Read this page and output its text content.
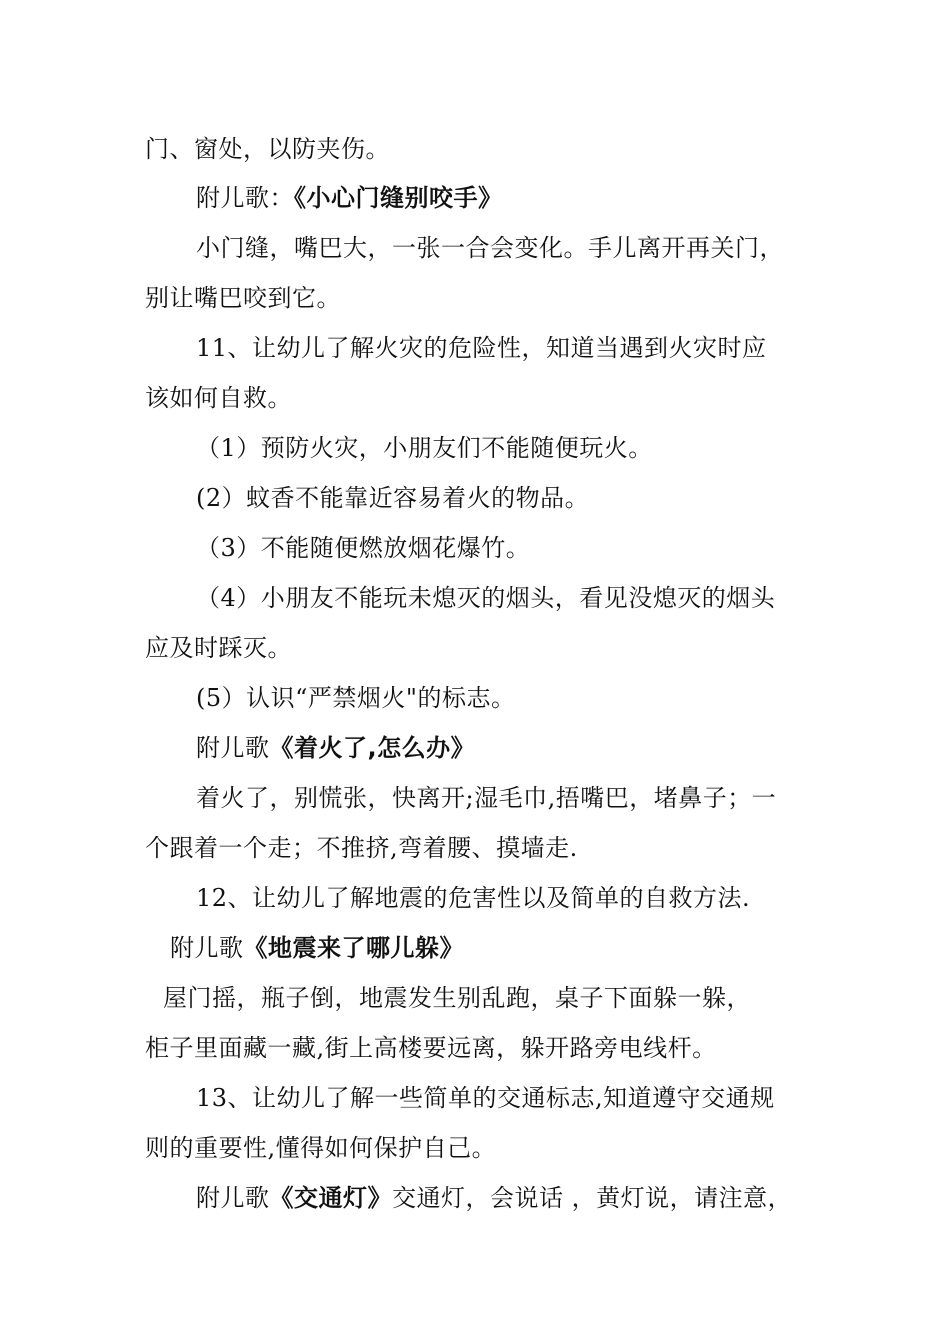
门、窗处，以防夹伤。
附儿歌：《小心门缝别咬手》
小门缝，嘴巴大，一张一合会变化。手儿离开再关门，
别让嘴巴咬到它。
11、让幼儿了解火灾的危险性，知道当遇到火灾时应
该如何自救。
（1）预防火灾，小朋友们不能随便玩火。
(2）蚊香不能靠近容易着火的物品。
（3）不能随便燃放烟花爆竹。
（4）小朋友不能玩未熄灭的烟头，看见没熄灭的烟头
应及时踩灭。
(5）认识“严禁烟火"的标志。
附儿歌《着火了,怎么办》
着火了，别慌张，快离开;湿毛巾,捂嘴巴，堵鼻子；一
个跟着一个走；不推挤,弯着腰、摸墙走.
12、让幼儿了解地震的危害性以及简单的自救方法.
附儿歌《地震来了哪儿躲》
屋门摇，瓶子倒，地震发生别乱跑，桌子下面躲一躲，
柜子里面藏一藏,街上高楼要远离，躲开路旁电线杆。
13、让幼儿了解一些简单的交通标志,知道遵守交通规
则的重要性,懂得如何保护自己。
附儿歌《交通灯》交通灯，会说话 ，黄灯说，请注意，
